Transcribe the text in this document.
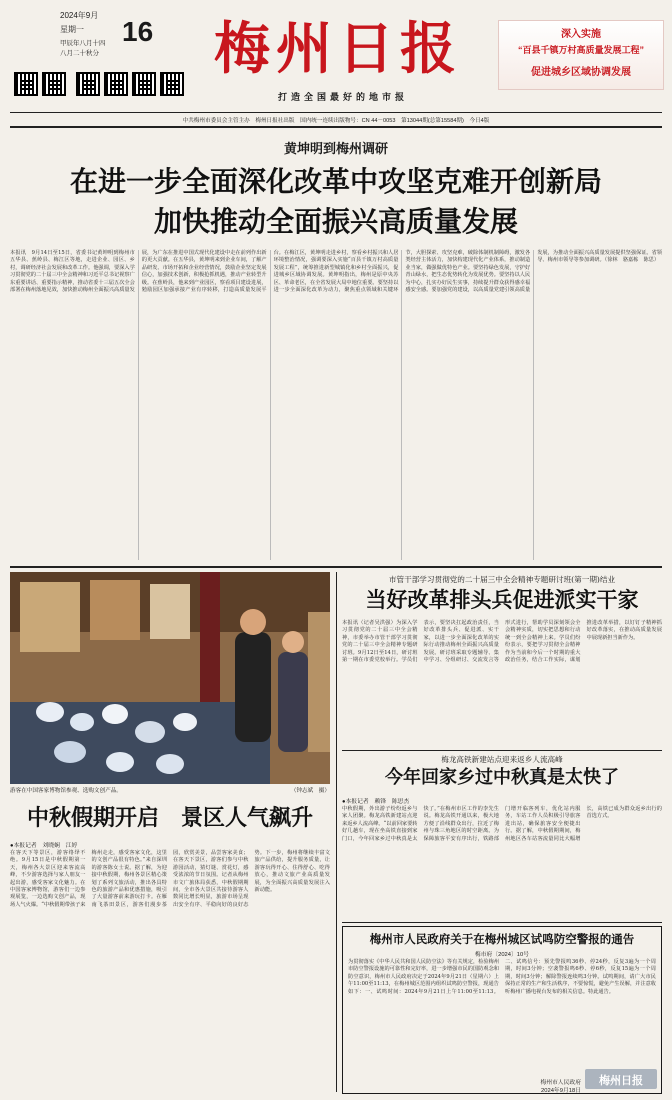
2024年9月
星期一
甲辰年八月十四
八月二十秋分
16 梅州日报
打造全国最好的地市报
深入实施
“百县千镇万村高质量发展工程”
促进城乡区域协调发展
中共梅州市委员会主管主办　梅州日报社出版　国内统一连续出版物号：CN 44－0053　第13044期(总第15584期)　今日4版
黄坤明到梅州调研
在进一步全面深化改革中攻坚克难开创新局
加快推动全面振兴高质量发展
本报讯　9月14日至15日，省委书记黄坤明到梅州市五华县、蕉岭县、梅江区等地，走进企业、园区、乡村，调研经济社会发展和改革工作。他强调，要深入学习贯彻党的二十届三中全会精神和习近平总书记视察广东重要讲话、重要指示精神，推动省委十三届五次全会部署在梅州落地见效，加快推动梅州全面振兴高质量发展，为广东在推进中国式现代化建设中走在前列作出新的更大贡献。在五华县，黄坤明来到企业车间，了解产品研发、市场开拓和企业经营情况，鼓励企业坚定发展信心，加强技术创新，积极抢抓机遇，推动产业转型升级。在蕉岭县，他来到产业园区，察看项目建设进展，勉励园区加强承接产业有序转移，打造高质量发展平台。在梅江区，黄坤明走进乡村，察看乡村振兴和人居环境整治情况，强调要深入实施“百县千镇万村高质量发展工程”，统筹推进新型城镇化和乡村全面振兴，促进城乡区域协调发展。黄坤明指出，梅州是原中央苏区、革命老区，在全省发展大局中地位重要。要坚持以进一步全面深化改革为动力，聚焦重点领域和关键环节，大胆探索、攻坚克难，破除体制机制障碍，激发各类经营主体活力，加快构建现代化产业体系，推动制造业当家，做强做优特色产业。要坚持绿色发展，守护好青山绿水，把生态优势转化为发展优势。要坚持以人民为中心，扎实办好民生实事，持续提升群众获得感幸福感安全感。要加强党的建设，以高质量党建引领高质量发展，为推动全面振兴高质量发展提供坚强保证。省领导、梅州市领导等参加调研。（徐林　骆嘉栋　陈思）
游客在中国客家博物馆参观、选购文创产品。	（钟志斌　摄）
中秋假期开启　景区人气飙升
●本报记者　刘晓娴　江婷
在客天下等景区，游客络绎不绝。9月15日是中秋假期第一天，梅州各大景区迎来客流高峰，不少游客选择与家人朋友一起出游，感受客家文化魅力。在中国客家博物馆，游客们一边参观展览，一边选购文创产品，现场人气火爆。“中秋假期带孩子来梅州走走，感受客家文化，这里的文创产品很有特色。”来自深圳的游客陈女士说。据了解，为迎接中秋假期，梅州各景区精心策划了系列文旅活动，推出各具特色的旅游产品和优惠措施，吸引了大量游客前来游玩打卡。在雁南飞茶田景区，游客们漫步茶园，欣赏美景，品尝客家美食；在客天下景区，游客们参与中秋游园活动，猜灯谜、赏花灯，感受浓浓的节日氛围。记者从梅州市文广旅体局获悉，中秋假期期间，全市各大景区共接待游客人数同比增长明显，旅游市场呈现出安全有序、平稳向好的良好态势。下一步，梅州将继续丰富文旅产品供给，提升服务质量，让游客玩得开心、住得舒心、吃得放心，推动文旅产业高质量发展，为全面振兴高质量发展注入新动能。
市管干部学习贯彻党的二十届三中全会精神专题研讨班(第一期)结业
当好改革排头兵促进派实干家
本报讯（记者吴洪强）为深入学习贯彻党的二十届三中全会精神，市委举办市管干部学习贯彻党的二十届三中全会精神专题研讨班。9月12日至14日，研讨班第一期在市委党校举行。学员们表示，要坚决扛起政治责任，当好改革排头兵、促进派、实干家，以进一步全面深化改革的实际行动推动梅州全面振兴高质量发展。研讨班采取专题辅导、集中学习、分组研讨、交流发言等形式进行，帮助学员深刻领会全会精神实质，切实把思想和行动统一到全会精神上来。学员们纷纷表示，要把学习贯彻全会精神作为当前和今后一个时期的重大政治任务，结合工作实际，谋划推进改革举措，以钉钉子精神抓好改革落实，在推动高质量发展中展现新担当新作为。
梅龙高铁新建站点迎来返乡人流高峰
今年回家乡过中秋真是太快了
●本报记者　赖锋　陈思杰
中秋假期，外出游子纷纷返乡与家人团聚。梅龙高铁新建站点迎来返乡人流高峰。“以前回家要转好几趟车，现在坐高铁直接到家门口，今年回家乡过中秋真是太快了。”在梅州市区工作的李先生说。梅龙高铁开通以来，极大地方便了沿线群众出行，拉近了梅州与珠三角地区的时空距离。为保障旅客平安有序出行，铁路部门增开临客列车，优化站内服务，车站工作人员积极引导旅客进出站，确保旅客安全便捷出行。据了解，中秋假期期间，梅州地区各车站客流量同比大幅增长，高铁已成为群众返乡出行的首选方式。
梅州市人民政府关于在梅州城区试鸣防空警报的通告
梅市府〔2024〕10号
为贯彻落实《中华人民共和国人民防空法》等有关规定，检验梅州市防空警报设施的可靠性和完好率，进一步增强市民的国防观念和防空意识，梅州市人民政府决定于2024年9月21日（星期六）上午11:00至11:13，在梅州城区范围内组织试鸣防空警报，现通告如下：一、试鸣时间：2024年9月21日上午11:00至11:13。二、试鸣信号：预先警报鸣36秒、停24秒，反复3遍为一个周期，时间3分钟；空袭警报鸣6秒、停6秒，反复15遍为一个周期，时间3分钟；解除警报连续鸣3分钟。试鸣期间，请广大市民保持正常的生产和生活秩序，不要惊慌，避免产生误解，并注意收听梅州广播电视台发布的相关信息。特此通告。
梅州市人民政府
2024年9月18日
梅州日报
